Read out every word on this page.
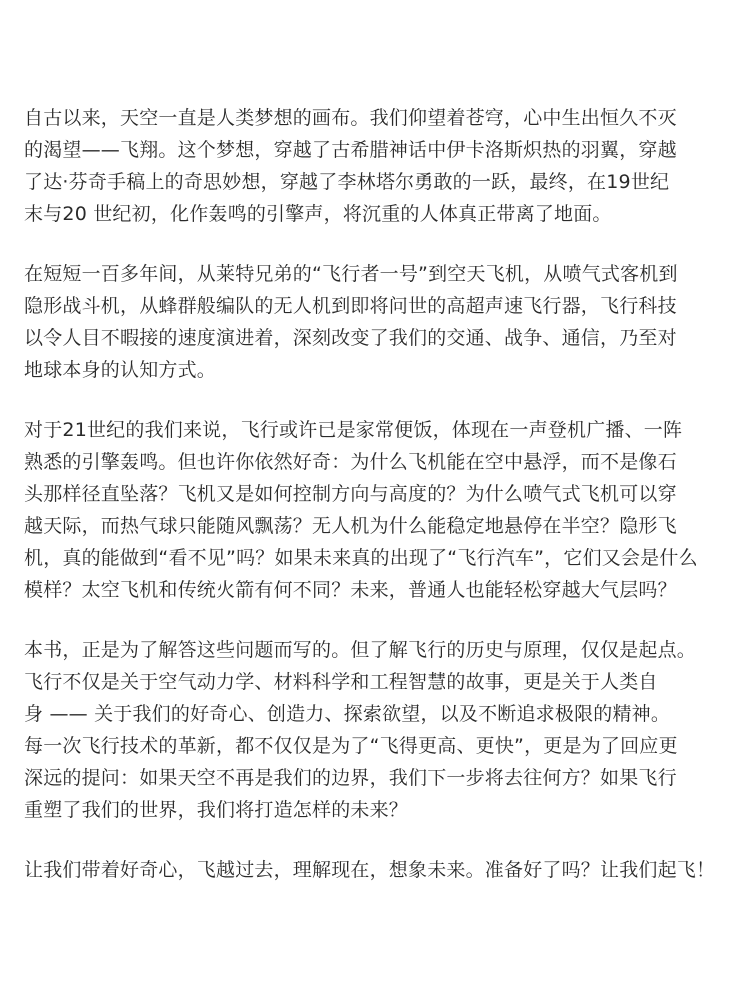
自古以来，天空一直是人类梦想的画布。我们仰望着苍穹，心中生出恒久不灭
的渴望——飞翔。这个梦想，穿越了古希腊神话中伊卡洛斯炽热的羽翼，穿越
了达·芬奇手稿上的奇思妙想，穿越了李林塔尔勇敢的一跃，最终，在19世纪
末与20 世纪初，化作轰鸣的引擎声，将沉重的人体真正带离了地面。

在短短一百多年间，从莱特兄弟的“飞行者一号”到空天飞机，从喷气式客机到
隐形战斗机，从蜂群般编队的无人机到即将问世的高超声速飞行器，飞行科技
以令人目不暇接的速度演进着，深刻改变了我们的交通、战争、通信，乃至对
地球本身的认知方式。

对于21世纪的我们来说，飞行或许已是家常便饭，体现在一声登机广播、一阵
熟悉的引擎轰鸣。但也许你依然好奇：为什么飞机能在空中悬浮，而不是像石
头那样径直坠落？飞机又是如何控制方向与高度的？为什么喷气式飞机可以穿
越天际，而热气球只能随风飘荡？无人机为什么能稳定地悬停在半空？隐形飞
机，真的能做到“看不见”吗？如果未来真的出现了“飞行汽车”，它们又会是什么
模样？太空飞机和传统火箭有何不同？未来，普通人也能轻松穿越大气层吗？

本书，正是为了解答这些问题而写的。但了解飞行的历史与原理，仅仅是起点。
飞行不仅是关于空气动力学、材料科学和工程智慧的故事，更是关于人类自
身 —— 关于我们的好奇心、创造力、探索欲望，以及不断追求极限的精神。
每一次飞行技术的革新，都不仅仅是为了“飞得更高、更快”，更是为了回应更
深远的提问：如果天空不再是我们的边界，我们下一步将去往何方？如果飞行
重塑了我们的世界，我们将打造怎样的未来？

让我们带着好奇心，飞越过去，理解现在，想象未来。准备好了吗？让我们起飞！
